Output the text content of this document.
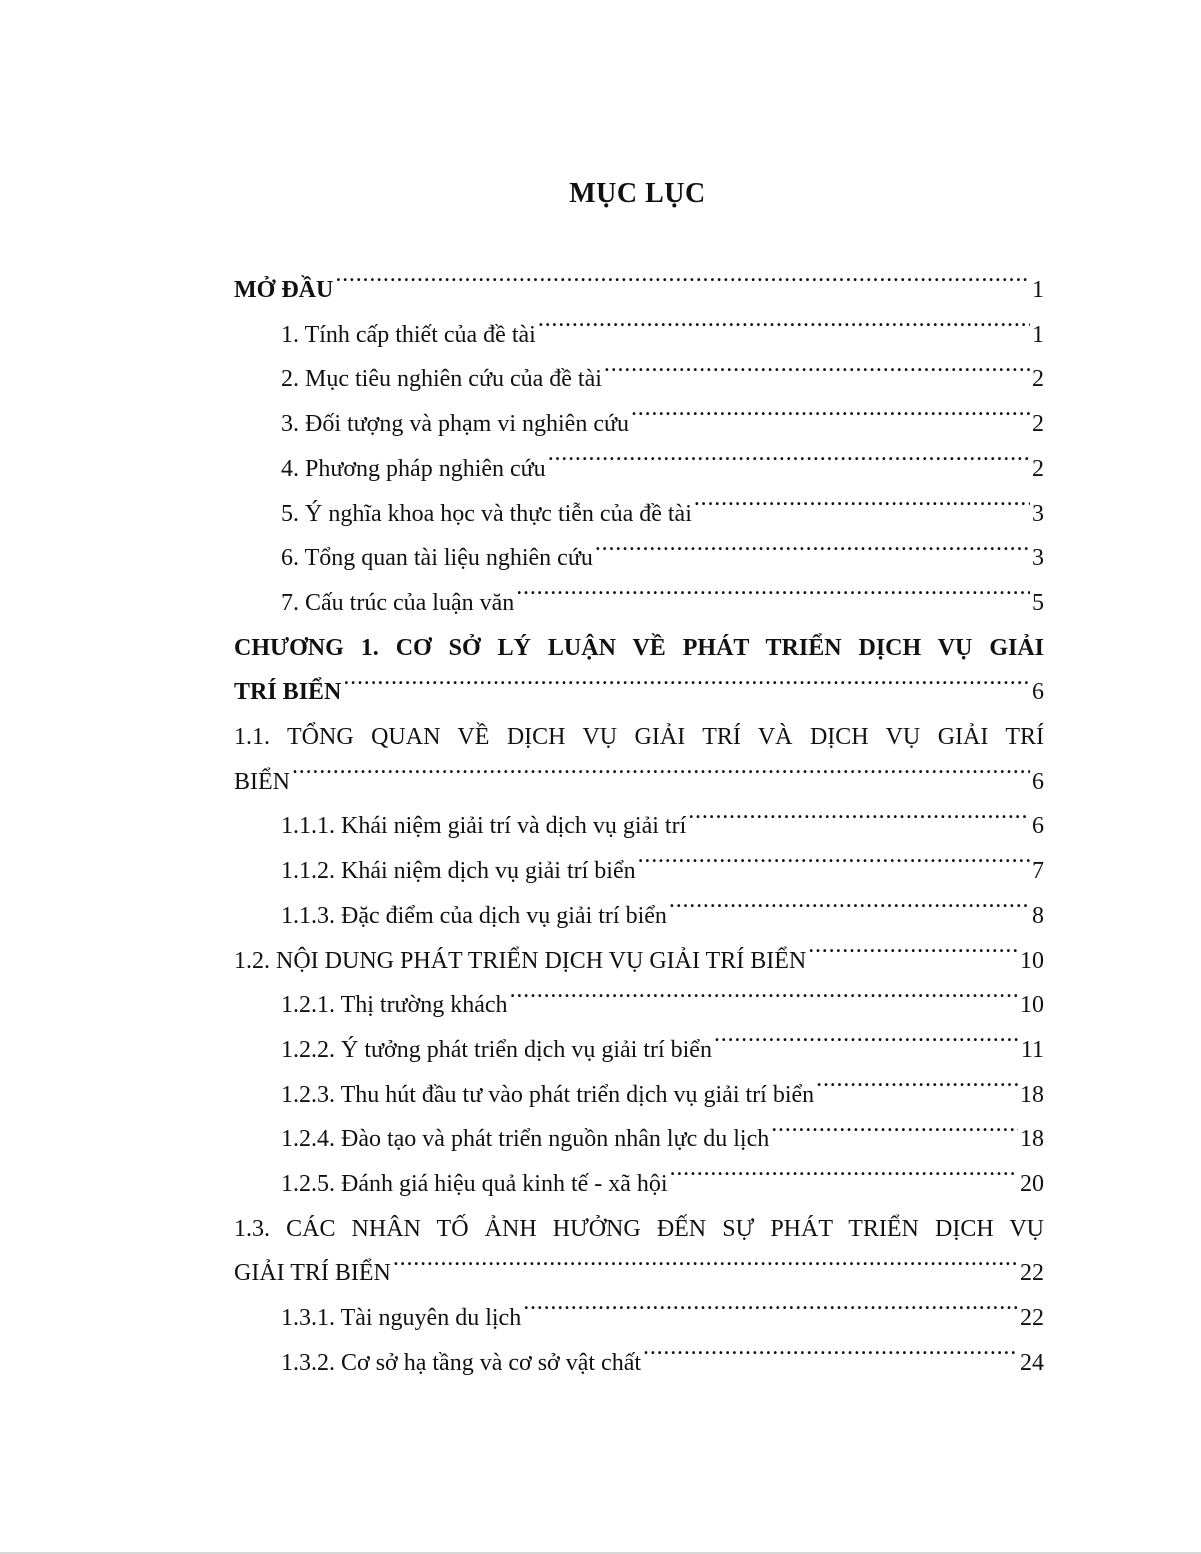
MỤC LỤC
MỞ ĐẦU . . .	1
1. Tính cấp thiết của đề tài . . .	1
2. Mục tiêu nghiên cứu của đề tài . . .	2
3. Đối tượng và phạm vi nghiên cứu . . .	2
4. Phương pháp nghiên cứu . . .	2
5. Ý nghĩa khoa học và thực tiễn của đề tài . . .	3
6. Tổng quan tài liệu nghiên cứu . . .	3
7. Cấu trúc của luận văn . . .	5
CHƯƠNG 1. CƠ SỞ LÝ LUẬN VỀ PHÁT TRIỂN DỊCH VỤ GIẢI
TRÍ BIỂN . . .	6
1.1. TỔNG QUAN VỀ DỊCH VỤ GIẢI TRÍ VÀ DỊCH VỤ GIẢI TRÍ
BIỂN . . .	6
1.1.1. Khái niệm giải trí và dịch vụ giải trí . . .	6
1.1.2. Khái niệm dịch vụ giải trí biển . . .	7
1.1.3. Đặc điểm của dịch vụ giải trí biển . . .	8
1.2. NỘI DUNG PHÁT TRIỂN DỊCH VỤ GIẢI TRÍ BIỂN . . .	10
1.2.1. Thị trường khách . . .	10
1.2.2. Ý tưởng phát triển dịch vụ giải trí biển . . .	11
1.2.3. Thu hút đầu tư vào phát triển dịch vụ giải trí biển . . .	18
1.2.4. Đào tạo và phát triển nguồn nhân lực du lịch . . .	18
1.2.5. Đánh giá hiệu quả kinh tế - xã hội . . .	20
1.3. CÁC NHÂN TỐ ẢNH HƯỞNG ĐẾN SỰ PHÁT TRIỂN DỊCH VỤ
GIẢI TRÍ BIỂN . . .	22
1.3.1. Tài nguyên du lịch . . .	22
1.3.2. Cơ sở hạ tầng và cơ sở vật chất . . .	24
